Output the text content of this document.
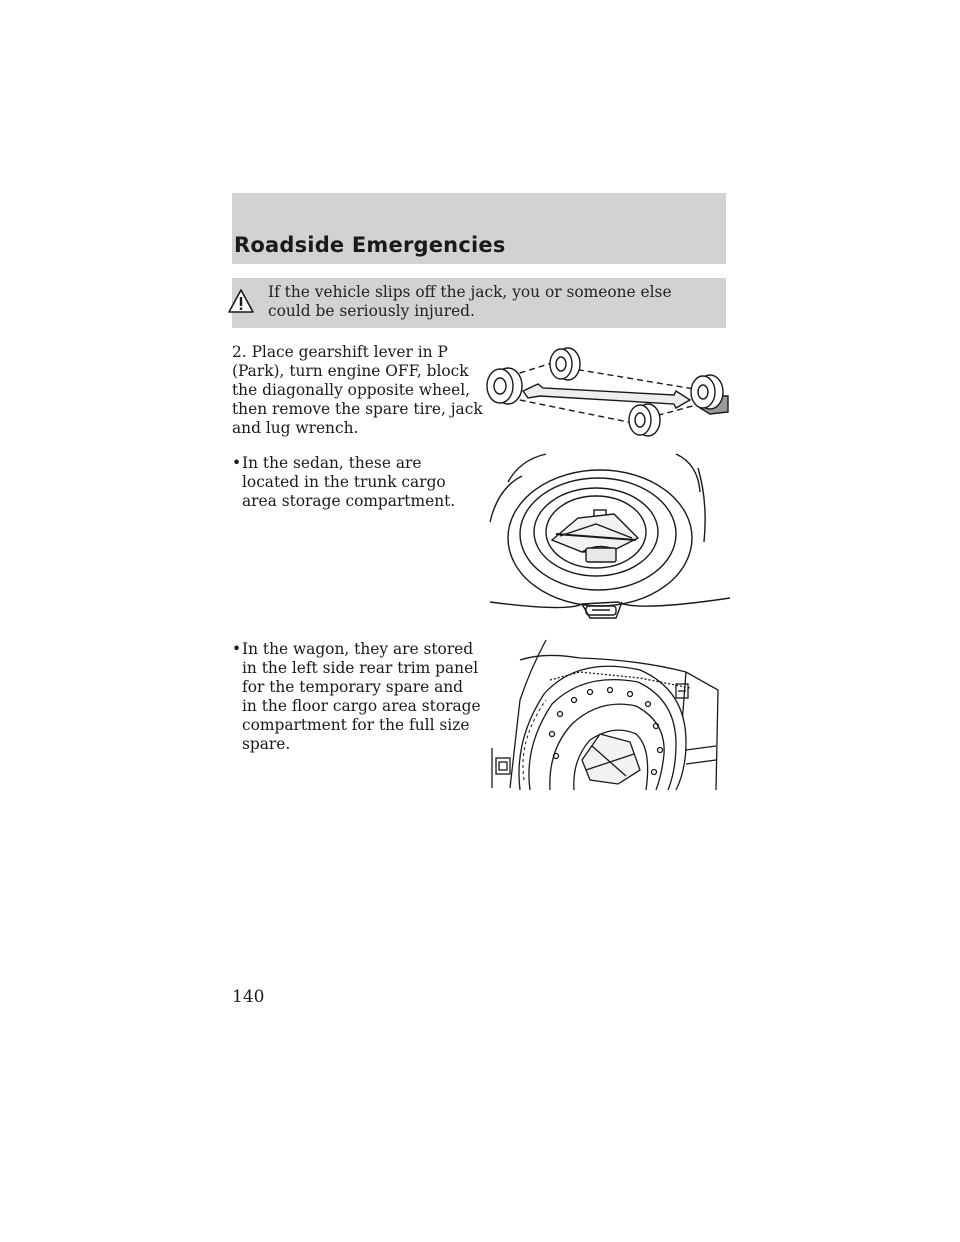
Roadside Emergencies

If the vehicle slips off the jack, you or someone else could be seriously injured.

2. Place gearshift lever in P (Park), turn engine OFF, block the diagonally opposite wheel, then remove the spare tire, jack and lug wrench.

• In the sedan, these are located in the trunk cargo area storage compartment.

• In the wagon, they are stored in the left side rear trim panel for the temporary spare and in the floor cargo area storage compartment for the full size spare.

140
